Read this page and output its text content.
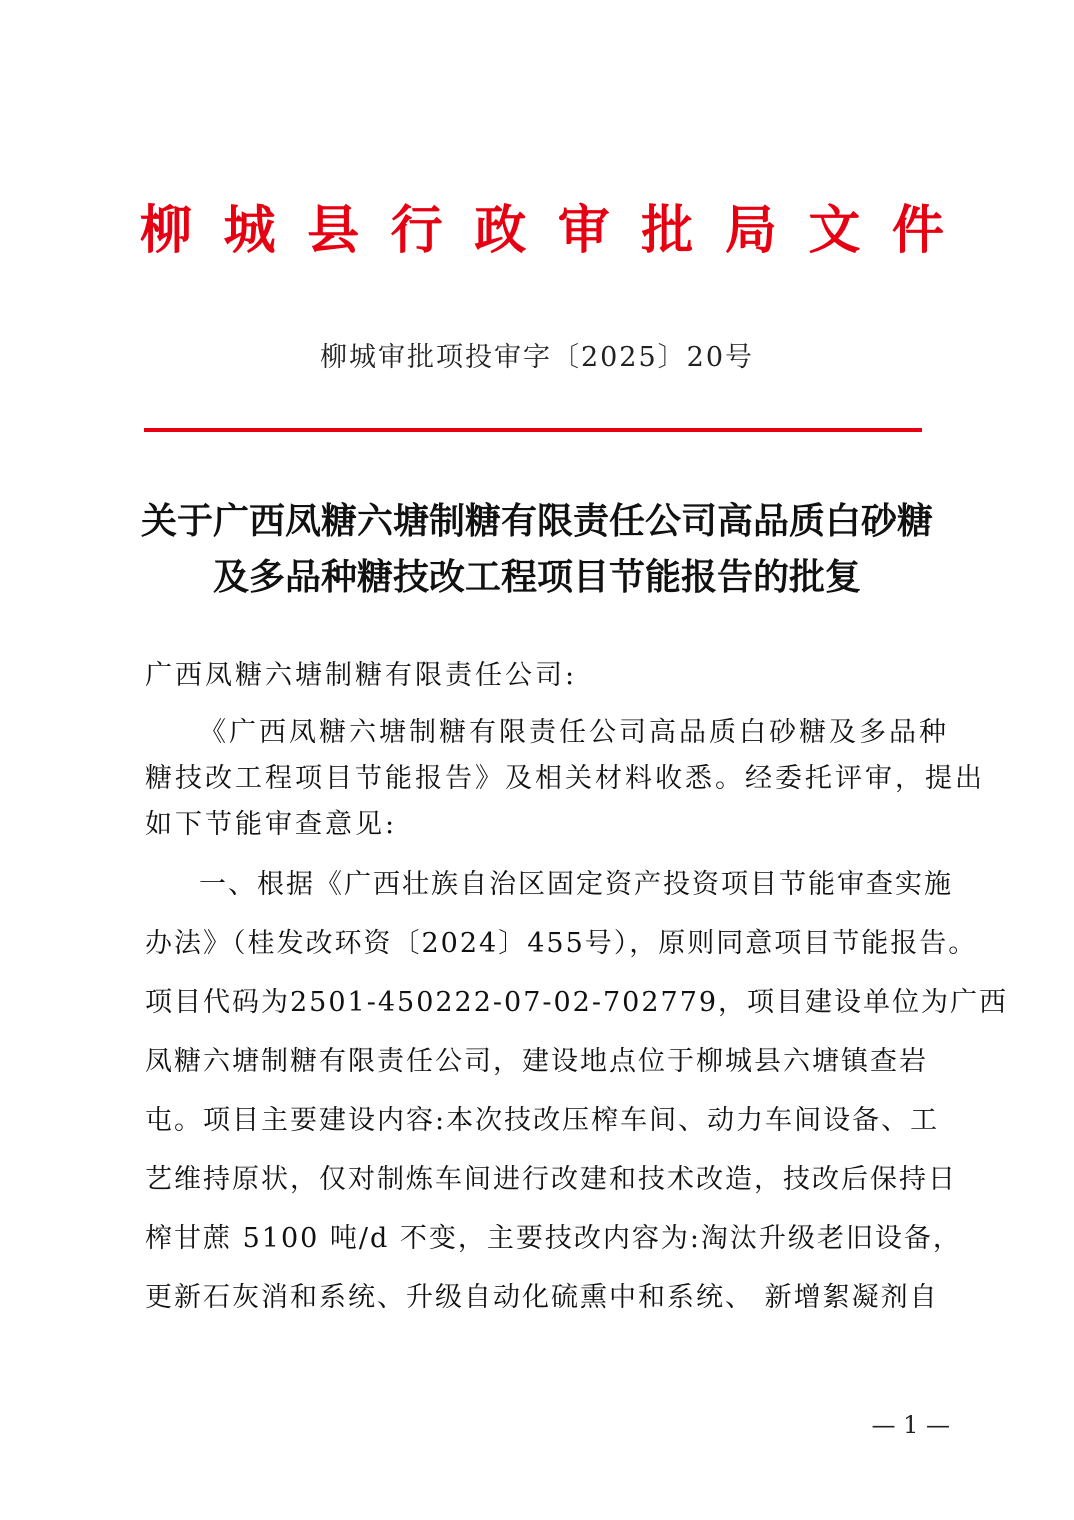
柳 城 县 行 政 审 批 局 文 件
柳城审批项投审字〔2025〕20号
关于广西凤糖六塘制糖有限责任公司高品质白砂糖
及多品种糖技改工程项目节能报告的批复
广西凤糖六塘制糖有限责任公司:
《广西凤糖六塘制糖有限责任公司高品质白砂糖及多品种
糖技改工程项目节能报告》及相关材料收悉。经委托评审，提出
如下节能审查意见:
一、根据《广西壮族自治区固定资产投资项目节能审查实施
办法》（桂发改环资〔2024〕455号），原则同意项目节能报告。
项目代码为2501-450222-07-02-702779，项目建设单位为广西
凤糖六塘制糖有限责任公司，建设地点位于柳城县六塘镇查岩
屯。项目主要建设内容:本次技改压榨车间、动力车间设备、工
艺维持原状，仅对制炼车间进行改建和技术改造，技改后保持日
榨甘蔗 5100 吨/d 不变，主要技改内容为:淘汰升级老旧设备，
更新石灰消和系统、升级自动化硫熏中和系统、 新增絮凝剂自
— 1 —
